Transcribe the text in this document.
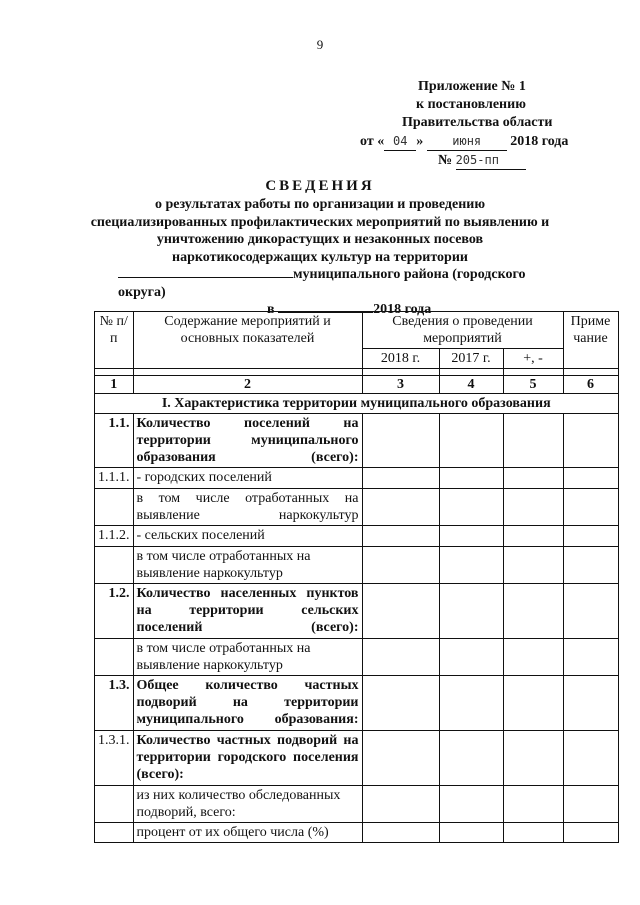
9
Приложение № 1
к постановлению
Правительства области
от « 04 » июня 2018 года
№ 205-пп
СВЕДЕНИЯ
о результатах работы по организации и проведению
специализированных профилактических мероприятий по выявлению и
уничтожению дикорастущих и незаконных посевов
наркотикосодержащих культур на территории
муниципального района (городского округа)
в	2018 года
№ п/п	Содержание мероприятий и основных показателей	Сведения о проведении мероприятий			Приме чание
		2018 г.	2017 г.	+, -	

1	2	3	4	5	6
I. Характеристика территории муниципального образования					
1.1.	Количество поселений на территории муниципального образования (всего):				
1.1.1.	- городских поселений				
	в том числе отработанных на выявление наркокультур				
1.1.2.	- сельских поселений				
	в том числе отработанных на выявление наркокультур				
1.2.	Количество населенных пунктов на территории сельских поселений (всего):				
	в том числе отработанных на выявление наркокультур				
1.3.	Общее количество частных подворий на территории муниципального образования:				
1.3.1.	Количество частных подворий на территории городского поселения (всего):				
	из них количество обследованных подворий, всего:				
	процент от их общего числа (%)				
